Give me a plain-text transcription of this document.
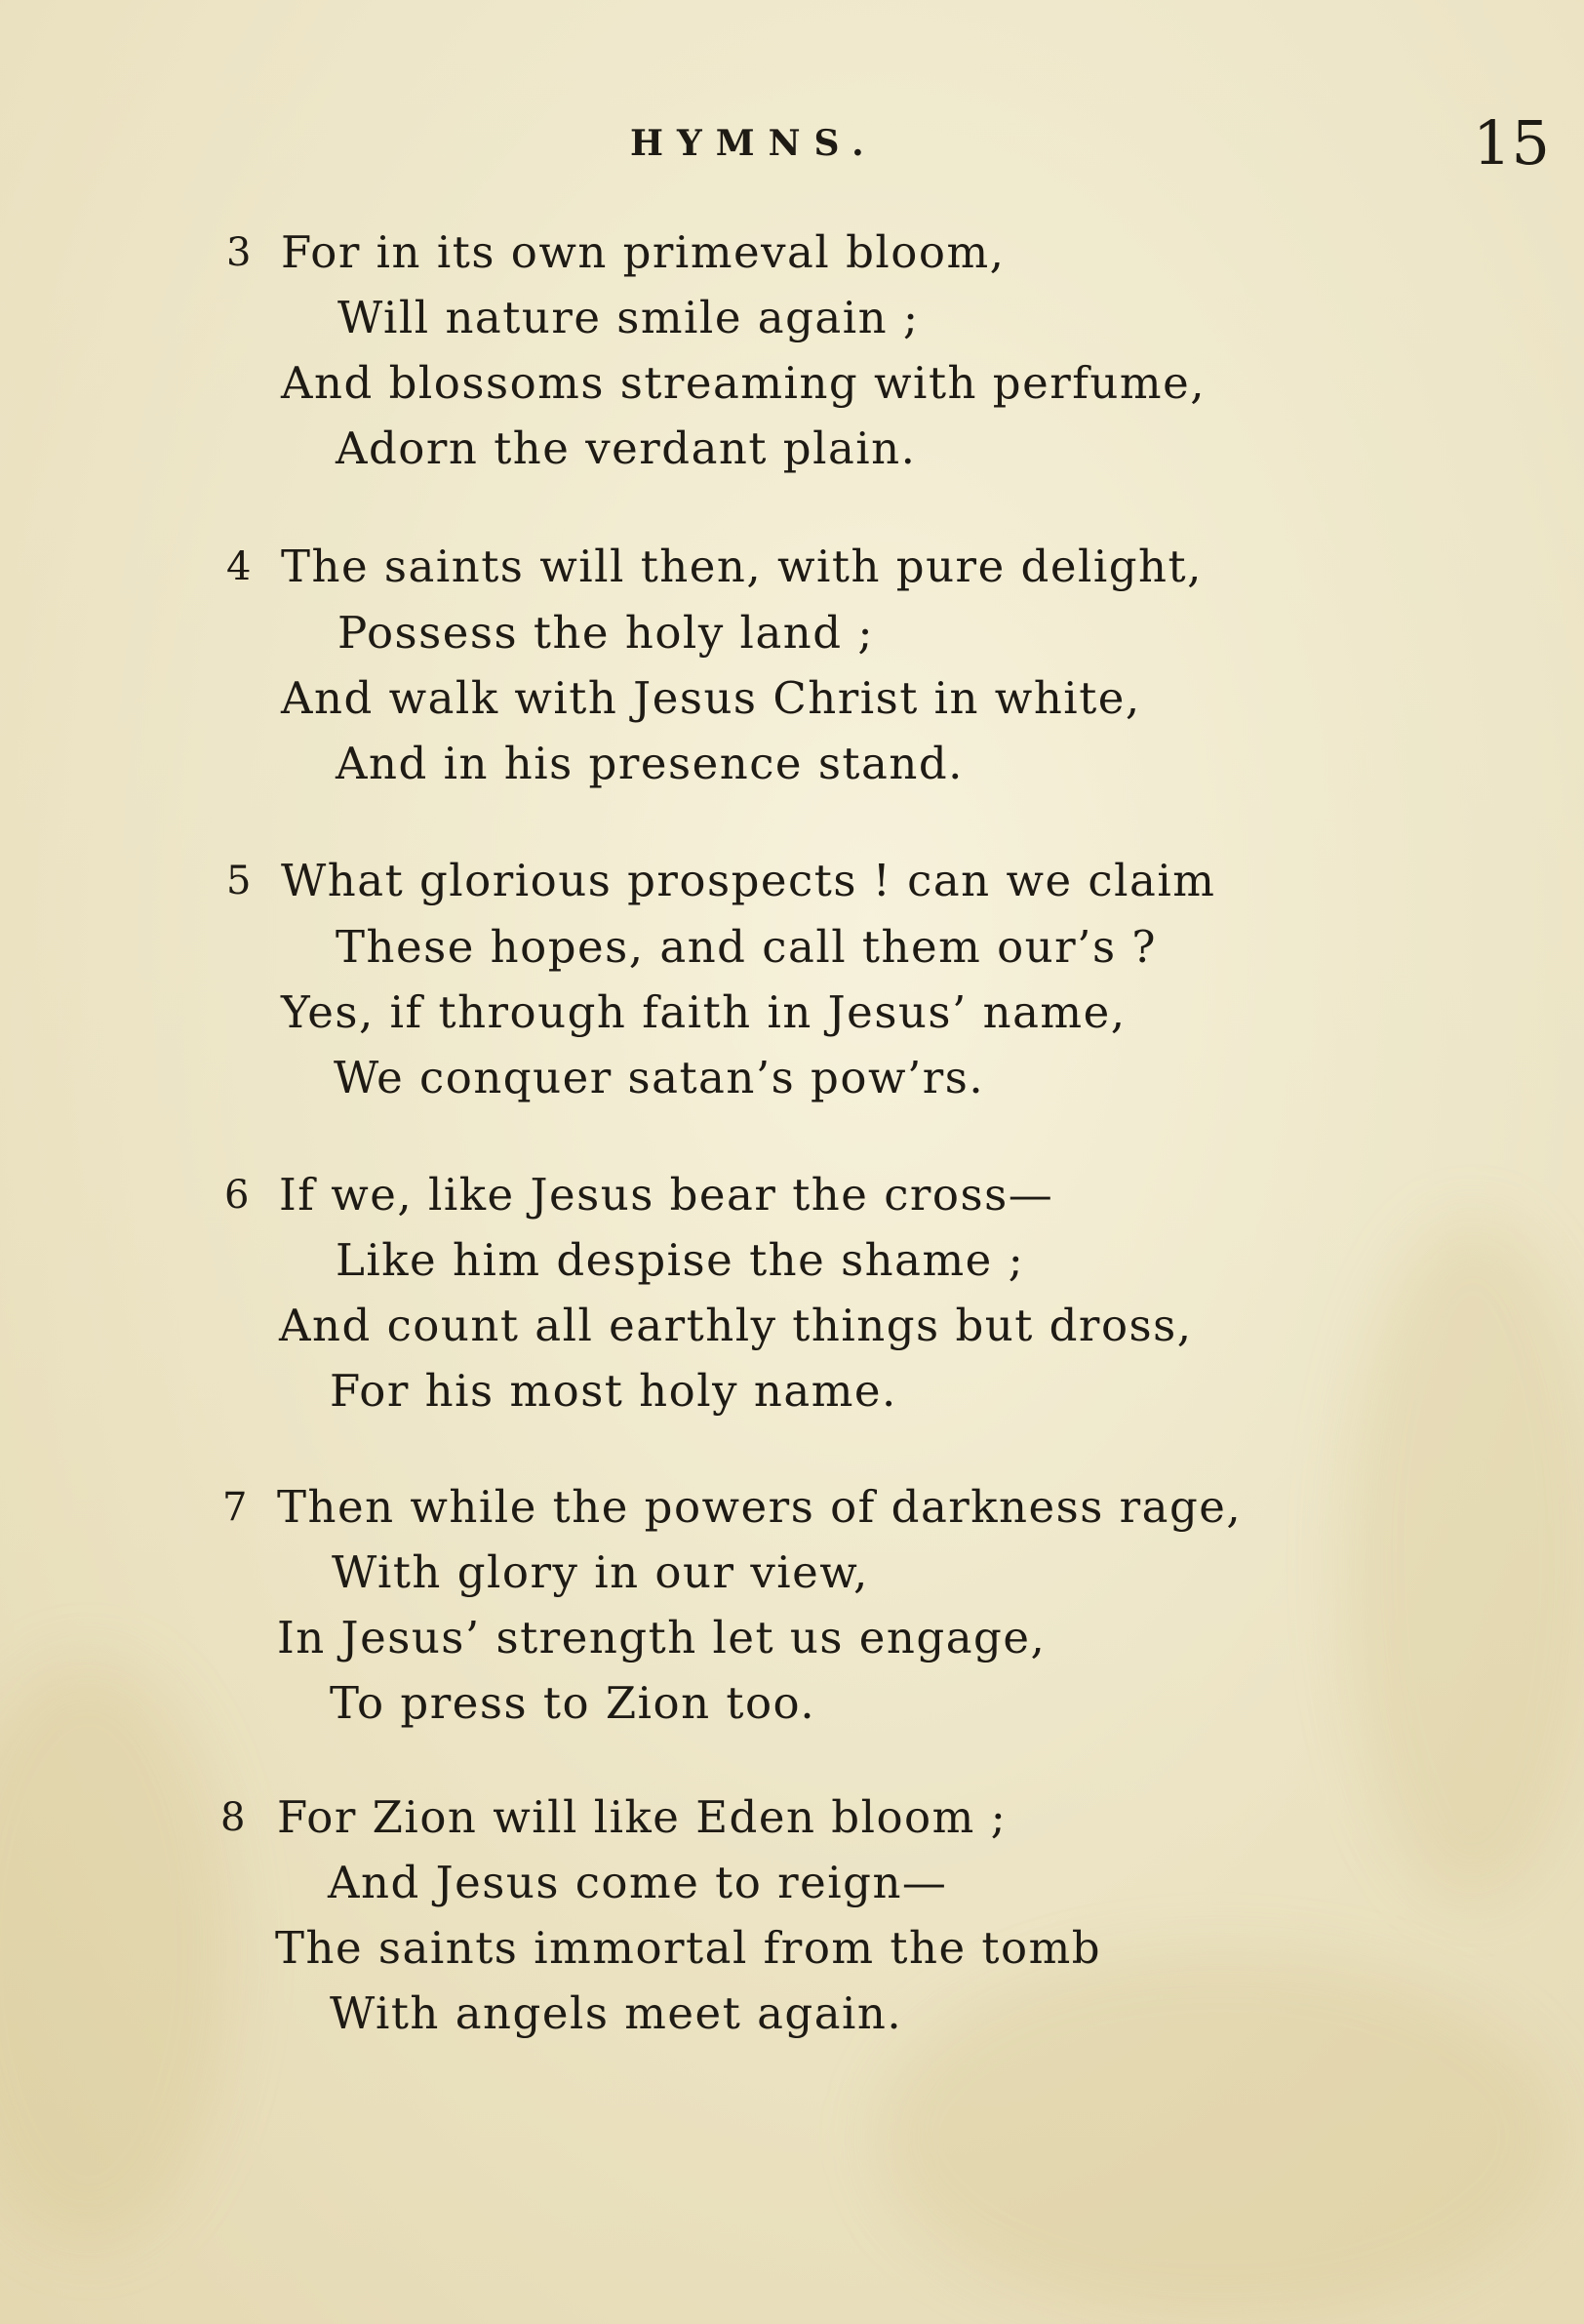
HYMNS.	15
3 For in its own primeval bloom,
Will nature smile again ;
And blossoms streaming with perfume,
Adorn the verdant plain.
4 The saints will then, with pure delight,
Possess the holy land ;
And walk with Jesus Christ in white,
And in his presence stand.
5 What glorious prospects ! can we claim
These hopes, and call them our’s ?
Yes, if through faith in Jesus’ name,
We conquer satan’s pow’rs.
6 If we, like Jesus bear the cross—
Like him despise the shame ;
And count all earthly things but dross,
For his most holy name.
7 Then while the powers of darkness rage,
With glory in our view,
In Jesus’ strength let us engage,
To press to Zion too.
8 For Zion will like Eden bloom ;
And Jesus come to reign—
The saints immortal from the tomb
With angels meet again.
